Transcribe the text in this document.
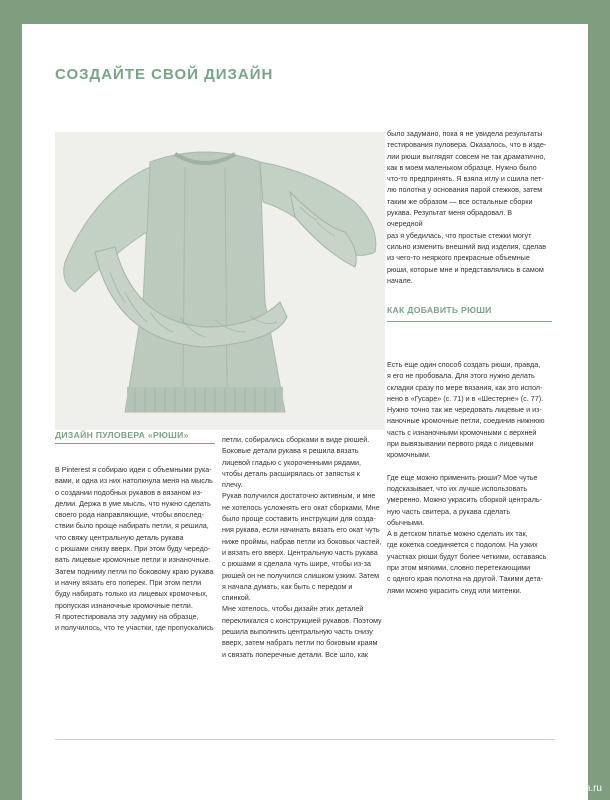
СОЗДАЙТЕ СВОЙ ДИЗАЙН

было задумано, пока я не увидела результаты

тестирования пуловера. Оказалось, что в изде-

лии рюши выглядят совсем не так драматично,

как в моем маленьком образце. Нужно было

что-то предпринять. Я взяла иглу и сшила пет-

лю полотна у основания парой стежков, затем

таким же образом — все остальные сборки

рукава. Результат меня обрадовал. В очередной

раз я убедилась, что простые стежки могут

сильно изменить внешний вид изделия, сделав

из чего-то неяркого прекрасные объемные

рюши, которые мне и представлялись в самом

начале.

КАК ДОБАВИТЬ РЮШИ

Есть еще один способ создать рюши, правда,

я его не пробовала. Для этого нужно делать

складки сразу по мере вязания, как это испол-

нено в «Гусаре» (с. 71) и в «Шестерне» (с. 77).

Нужно точно так же чередовать лицевые и из-

наночные кромочные петли, соединив нижнюю

часть с изнаночными кромочными с верхней

при вывязывании первого ряда с лицевыми

кромочными.

Где еще можно применить рюши? Мое чутье

подсказывает, что их лучше использовать

умеренно. Можно украсить сборкой централь-

ную часть свитера, а рукава сделать обычными.

А в детском платье можно сделать их так,

где кокетка соединяется с подолом. На узких

участках рюши будут более четкими, оставаясь

при этом мягкими, словно перетекающими

с одного края полотна на другой. Такими дета-

лями можно украсить снуд или митенки.

ДИЗАЙН ПУЛОВЕРА «РЮШИ»

В Pinterest я собираю идеи с объемными рука-

вами, и одна из них натолкнула меня на мысль

о создании подобных рукавов в вязаном из-

делии. Держа в уме мысль, что нужно сделать

своего рода направляющие, чтобы впослед-

ствии было проще набирать петли, я решила,

что свяжу центральную деталь рукава

с рюшами снизу вверх. При этом буду чередо-

вать лицевые кромочные петли и изнаночные.

Затем подниму петли по боковому краю рукава

и начну вязать его поперек. При этом петли

буду набирать только из лицевых кромочных,

пропуская изнаночные кромочные петли.

Я протестировала эту задумку на образце,

и получилось, что те участки, где пропускались

петли, собирались сборками в виде рюшей.

Боковые детали рукава я решила вязать

лицевой гладью с укороченными рядами,

чтобы деталь расширялась от запястья к плечу.

Рукав получился достаточно активным, и мне

не хотелось усложнять его окат сборками. Мне

было проще составить инструкции для созда-

ния рукава, если начинать вязать его окат чуть

ниже проймы, набрав петли из боковых частей,

и вязать его вверх. Центральную часть рукава

с рюшами я сделала чуть шире, чтобы из-за

рюшей он не получился слишком узким. Затем

я начала думать, как быть с передом и спинкой.

Мне хотелось, чтобы дизайн этих деталей

перекликался с конструкцией рукавов. Поэтому

решила выполнить центральную часть снизу

вверх, затем набрать петли по боковым краям

и связать поперечные детали. Все шло, как

PassionForum.ru
